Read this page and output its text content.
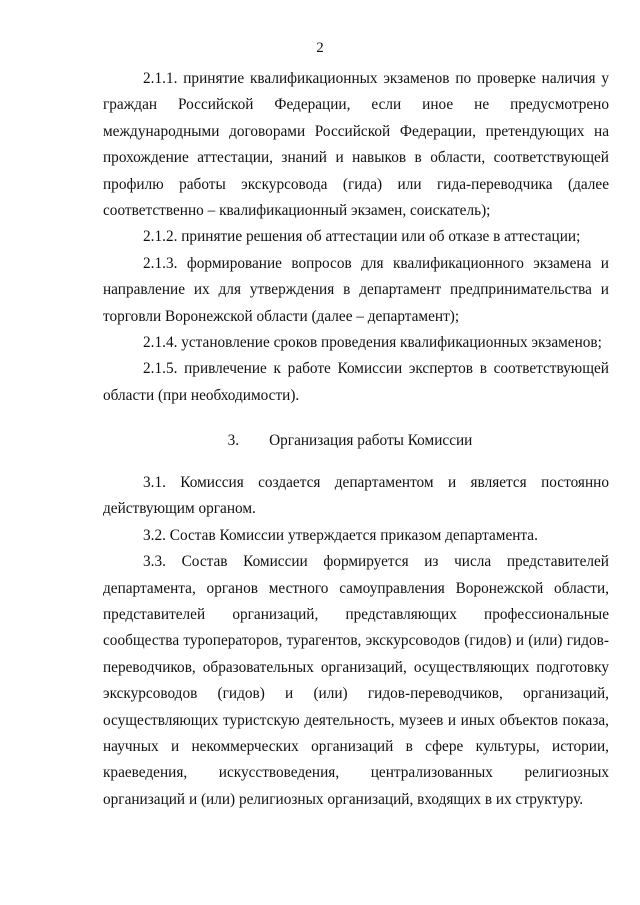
2

2.1.1. принятие квалификационных экзаменов по проверке наличия у граждан Российской Федерации, если иное не предусмотрено международными договорами Российской Федерации, претендующих на прохождение аттестации, знаний и навыков в области, соответствующей профилю работы экскурсовода (гида) или гида-переводчика (далее соответственно – квалификационный экзамен, соискатель);

2.1.2. принятие решения об аттестации или об отказе в аттестации;

2.1.3. формирование вопросов для квалификационного экзамена и направление их для утверждения в департамент предпринимательства и торговли Воронежской области (далее – департамент);

2.1.4. установление сроков проведения квалификационных экзаменов;

2.1.5. привлечение к работе Комиссии экспертов в соответствующей области (при необходимости).

3. Организация работы Комиссии

3.1. Комиссия создается департаментом и является постоянно действующим органом.

3.2. Состав Комиссии утверждается приказом департамента.

3.3. Состав Комиссии формируется из числа представителей департамента, органов местного самоуправления Воронежской области, представителей организаций, представляющих профессиональные сообщества туроператоров, турагентов, экскурсоводов (гидов) и (или) гидов-переводчиков, образовательных организаций, осуществляющих подготовку экскурсоводов (гидов) и (или) гидов-переводчиков, организаций, осуществляющих туристскую деятельность, музеев и иных объектов показа, научных и некоммерческих организаций в сфере культуры, истории, краеведения, искусствоведения, централизованных религиозных организаций и (или) религиозных организаций, входящих в их структуру.
